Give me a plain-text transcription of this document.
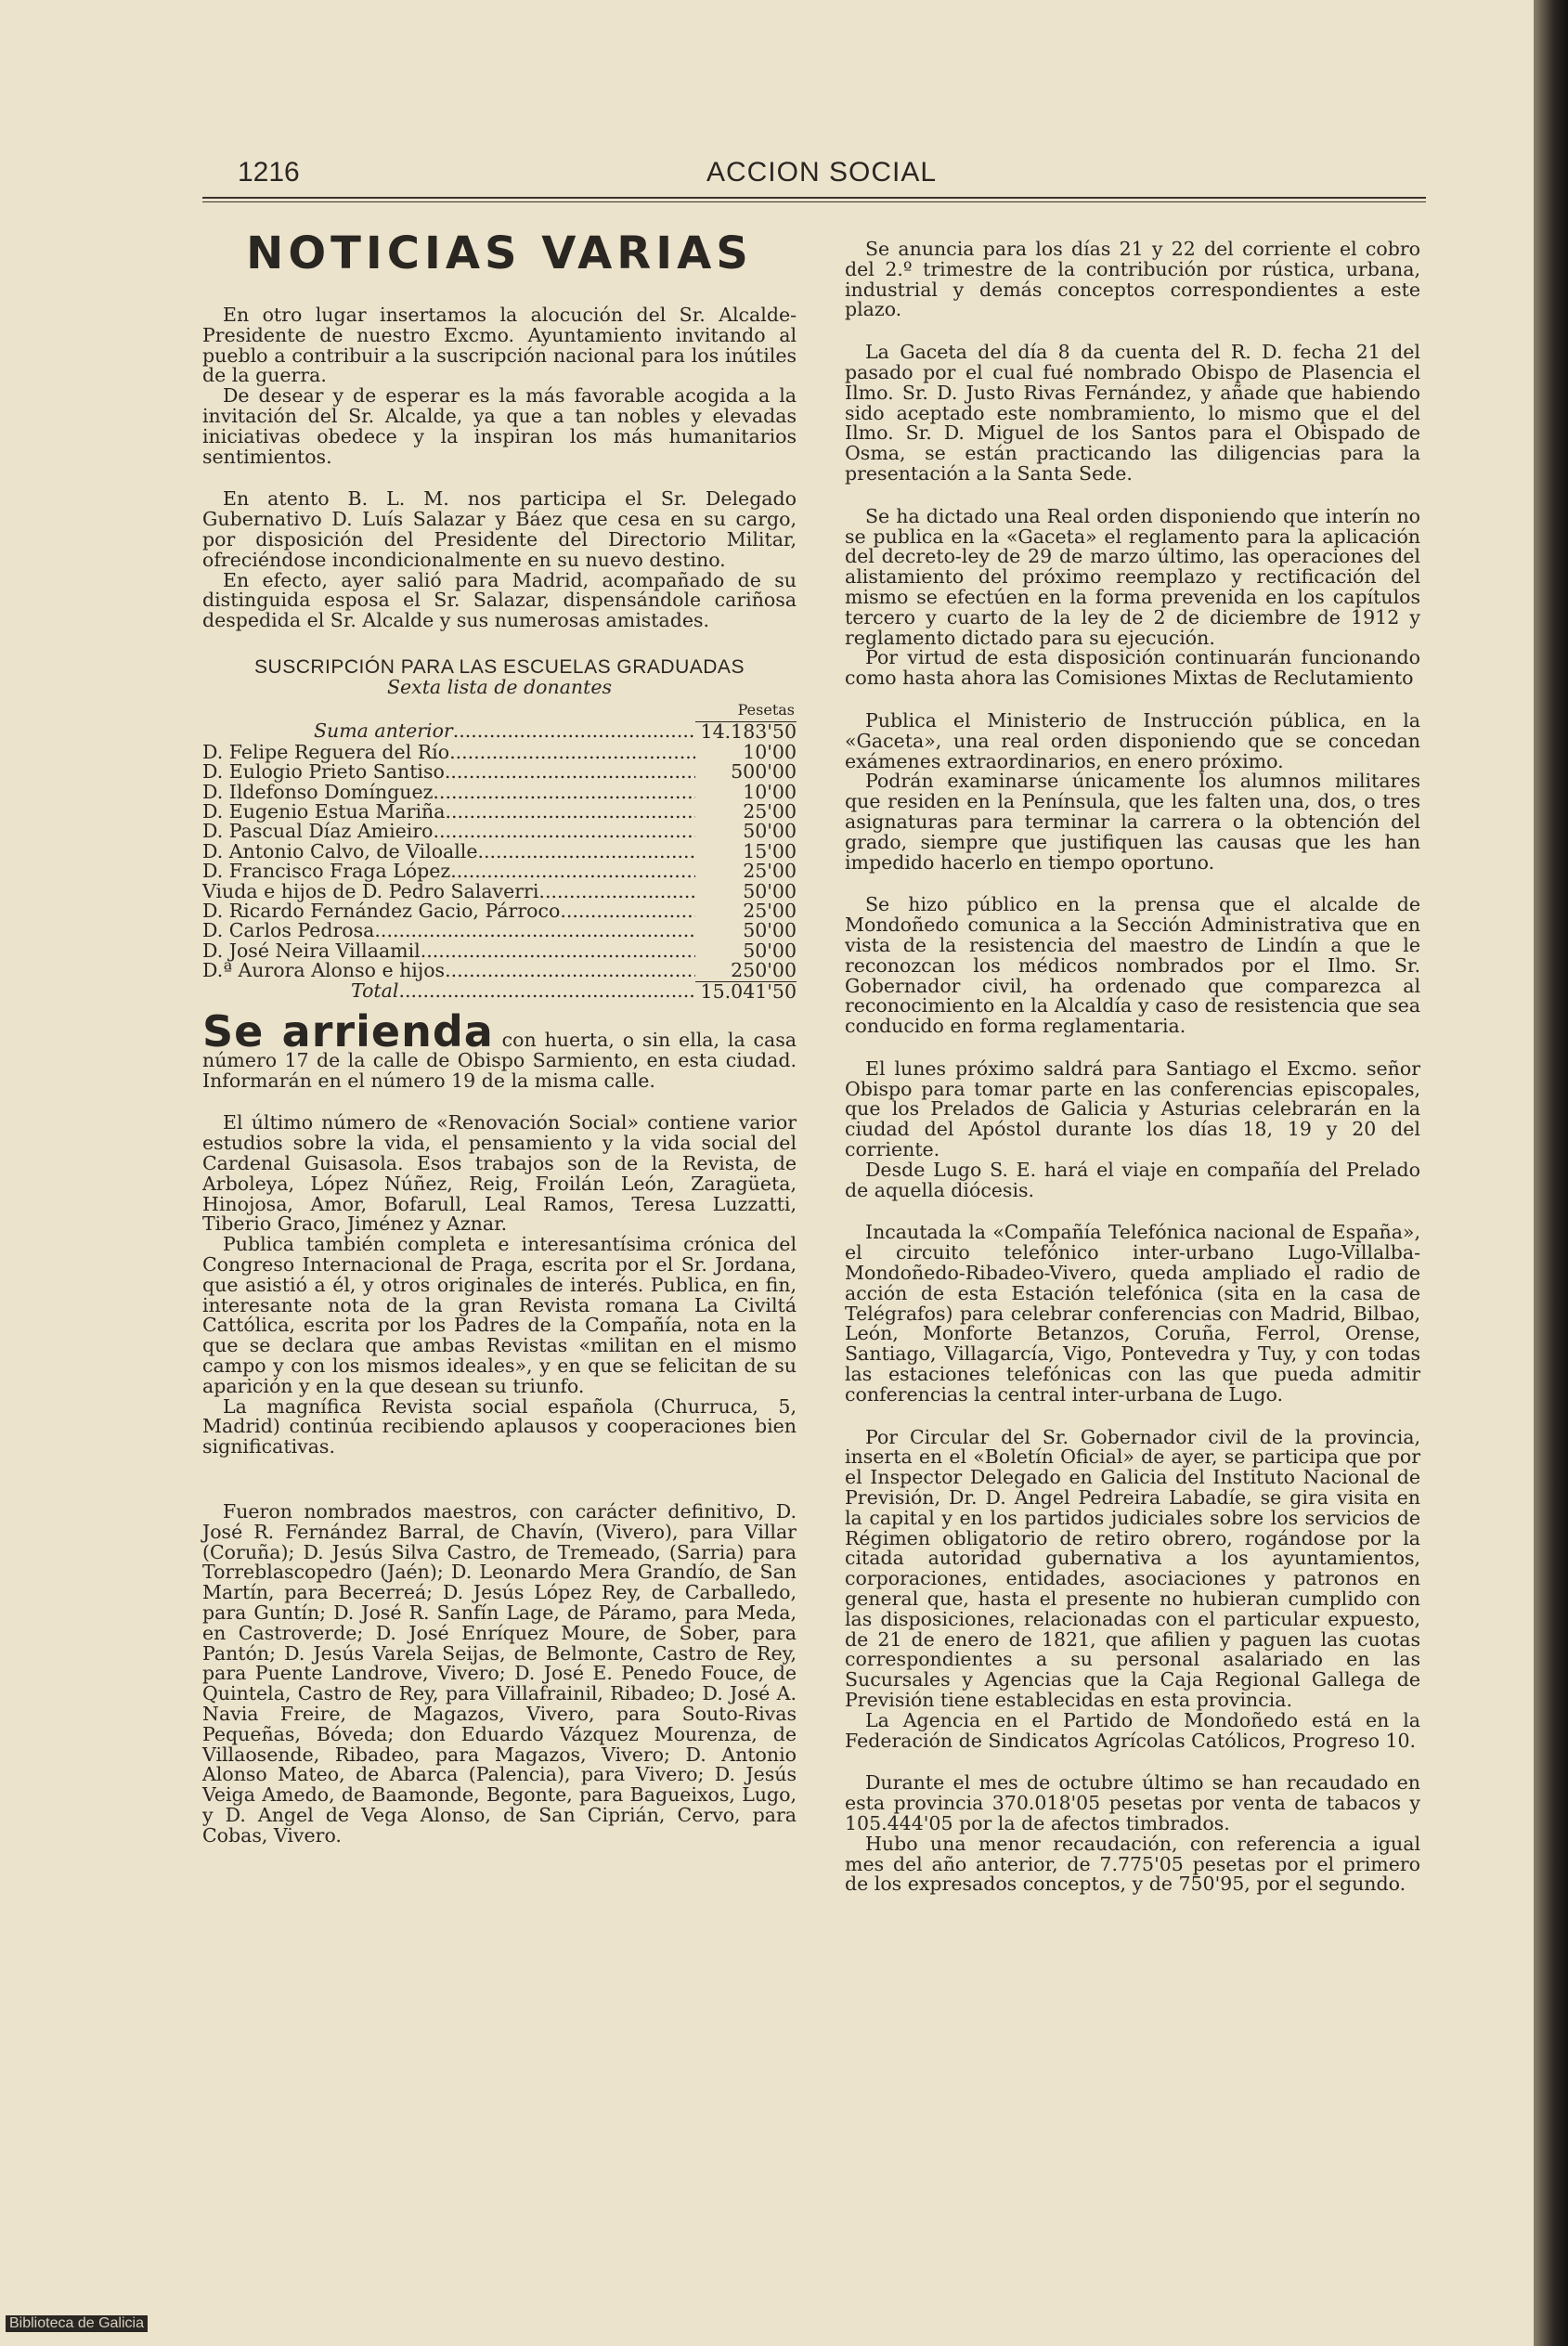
1216	ACCION SOCIAL
NOTICIAS VARIAS

En otro lugar insertamos la alocución del Sr. Alcalde-Presidente de nuestro Excmo. Ayuntamiento invitando al pueblo a contribuir a la suscripción nacional para los inútiles de la guerra.

De desear y de esperar es la más favorable acogida a la invitación del Sr. Alcalde, ya que a tan nobles y elevadas iniciativas obedece y la inspiran los más humanitarios sentimientos.

En atento B. L. M. nos participa el Sr. Delegado Gubernativo D. Luís Salazar y Báez que cesa en su cargo, por disposición del Presidente del Directorio Militar, ofreciéndose incondicionalmente en su nuevo destino.

En efecto, ayer salió para Madrid, acompañado de su distinguida esposa el Sr. Salazar, dispensándole cariñosa despedida el Sr. Alcalde y sus numerosas amistades.

SUSCRIPCIÓN PARA LAS ESCUELAS GRADUADAS
Sexta lista de donantes
Pesetas
Suma anterior .....	14.183'50
D. Felipe Reguera del Río .....	10'00
D. Eulogio Prieto Santiso .....	500'00
D. Ildefonso Domínguez .....	10'00
D. Eugenio Estua Mariña .....	25'00
D. Pascual Díaz Amieiro .....	50'00
D. Antonio Calvo, de Viloalle .....	15'00
D. Francisco Fraga López .....	25'00
Viuda e hijos de D. Pedro Salaverri .....	50'00
D. Ricardo Fernández Gacio, Párroco .....	25'00
D. Carlos Pedrosa .....	50'00
D. José Neira Villaamil .....	50'00
D.ª Aurora Alonso e hijos .....	250'00
Total .....	15.041'50
Se arrienda con huerta, o sin ella, la casa número 17 de la calle de Obispo Sarmiento, en esta ciudad. Informarán en el número 19 de la misma calle.

El último número de «Renovación Social» contiene varior estudios sobre la vida, el pensamiento y la vida social del Cardenal Guisasola. Esos trabajos son de la Revista, de Arboleya, López Núñez, Reig, Froilán León, Zaragüeta, Hinojosa, Amor, Bofarull, Leal Ramos, Teresa Luzzatti, Tiberio Graco, Jiménez y Aznar.

Publica también completa e interesantísima crónica del Congreso Internacional de Praga, escrita por el Sr. Jordana, que asistió a él, y otros originales de interés. Publica, en fin, interesante nota de la gran Revista romana La Civiltá Cattólica, escrita por los Padres de la Compañía, nota en la que se declara que ambas Revistas «militan en el mismo campo y con los mismos ideales», y en que se felicitan de su aparición y en la que desean su triunfo.

La magnífica Revista social española (Churruca, 5, Madrid) continúa recibiendo aplausos y cooperaciones bien significativas.

Fueron nombrados maestros, con carácter definitivo, D. José R. Fernández Barral, de Chavín, (Vivero), para Villar (Coruña); D. Jesús Silva Castro, de Tremeado, (Sarria) para Torreblascopedro (Jaén); D. Leonardo Mera Grandío, de San Martín, para Becerreá; D. Jesús López Rey, de Carballedo, para Guntín; D. José R. Sanfín Lage, de Páramo, para Meda, en Castroverde; D. José Enríquez Moure, de Sober, para Pantón; D. Jesús Varela Seijas, de Belmonte, Castro de Rey, para Puente Landrove, Vivero; D. José E. Penedo Fouce, de Quintela, Castro de Rey, para Villafrainil, Ribadeo; D. José A. Navia Freire, de Magazos, Vivero, para Souto-Rivas Pequeñas, Bóveda; don Eduardo Vázquez Mourenza, de Villaosende, Ribadeo, para Magazos, Vivero; D. Antonio Alonso Mateo, de Abarca (Palencia), para Vivero; D. Jesús Veiga Amedo, de Baamonde, Begonte, para Bagueixos, Lugo, y D. Angel de Vega Alonso, de San Ciprián, Cervo, para Cobas, Vivero.

Se anuncia para los días 21 y 22 del corriente el cobro del 2.º trimestre de la contribución por rústica, urbana, industrial y demás conceptos correspondientes a este plazo.

La Gaceta del día 8 da cuenta del R. D. fecha 21 del pasado por el cual fué nombrado Obispo de Plasencia el Ilmo. Sr. D. Justo Rivas Fernández, y añade que habiendo sido aceptado este nombramiento, lo mismo que el del Ilmo. Sr. D. Miguel de los Santos para el Obispado de Osma, se están practicando las diligencias para la presentación a la Santa Sede.

Se ha dictado una Real orden disponiendo que interín no se publica en la «Gaceta» el reglamento para la aplicación del decreto-ley de 29 de marzo último, las operaciones del alistamiento del próximo reemplazo y rectificación del mismo se efectúen en la forma prevenida en los capítulos tercero y cuarto de la ley de 2 de diciembre de 1912 y reglamento dictado para su ejecución.

Por virtud de esta disposición continuarán funcionando como hasta ahora las Comisiones Mixtas de Reclutamiento

Publica el Ministerio de Instrucción pública, en la «Gaceta», una real orden disponiendo que se concedan exámenes extraordinarios, en enero próximo.

Podrán examinarse únicamente los alumnos militares que residen en la Península, que les falten una, dos, o tres asignaturas para terminar la carrera o la obtención del grado, siempre que justifiquen las causas que les han impedido hacerlo en tiempo oportuno.

Se hizo público en la prensa que el alcalde de Mondoñedo comunica a la Sección Administrativa que en vista de la resistencia del maestro de Lindín a que le reconozcan los médicos nombrados por el Ilmo. Sr. Gobernador civil, ha ordenado que comparezca al reconocimiento en la Alcaldía y caso de resistencia que sea conducido en forma reglamentaria.

El lunes próximo saldrá para Santiago el Excmo. señor Obispo para tomar parte en las conferencias episcopales, que los Prelados de Galicia y Asturias celebrarán en la ciudad del Apóstol durante los días 18, 19 y 20 del corriente.

Desde Lugo S. E. hará el viaje en compañía del Prelado de aquella diócesis.

Incautada la «Compañía Telefónica nacional de España», el circuito telefónico inter-urbano Lugo-Villalba-Mondoñedo-Ribadeo-Vivero, queda ampliado el radio de acción de esta Estación telefónica (sita en la casa de Telégrafos) para celebrar conferencias con Madrid, Bilbao, León, Monforte Betanzos, Coruña, Ferrol, Orense, Santiago, Villagarcía, Vigo, Pontevedra y Tuy, y con todas las estaciones telefónicas con las que pueda admitir conferencias la central inter-urbana de Lugo.

Por Circular del Sr. Gobernador civil de la provincia, inserta en el «Boletín Oficial» de ayer, se participa que por el Inspector Delegado en Galicia del Instituto Nacional de Previsión, Dr. D. Angel Pedreira Labadíe, se gira visita en la capital y en los partidos judiciales sobre los servicios de Régimen obligatorio de retiro obrero, rogándose por la citada autoridad gubernativa a los ayuntamientos, corporaciones, entidades, asociaciones y patronos en general que, hasta el presente no hubieran cumplido con las disposiciones, relacionadas con el particular expuesto, de 21 de enero de 1821, que afilien y paguen las cuotas correspondientes a su personal asalariado en las Sucursales y Agencias que la Caja Regional Gallega de Previsión tiene establecidas en esta provincia.

La Agencia en el Partido de Mondoñedo está en la Federación de Sindicatos Agrícolas Católicos, Progreso 10.

Durante el mes de octubre último se han recaudado en esta provincia 370.018'05 pesetas por venta de tabacos y 105.444'05 por la de afectos timbrados.

Hubo una menor recaudación, con referencia a igual mes del año anterior, de 7.775'05 pesetas por el primero de los expresados conceptos, y de 750'95, por el segundo.

Biblioteca de Galicia
